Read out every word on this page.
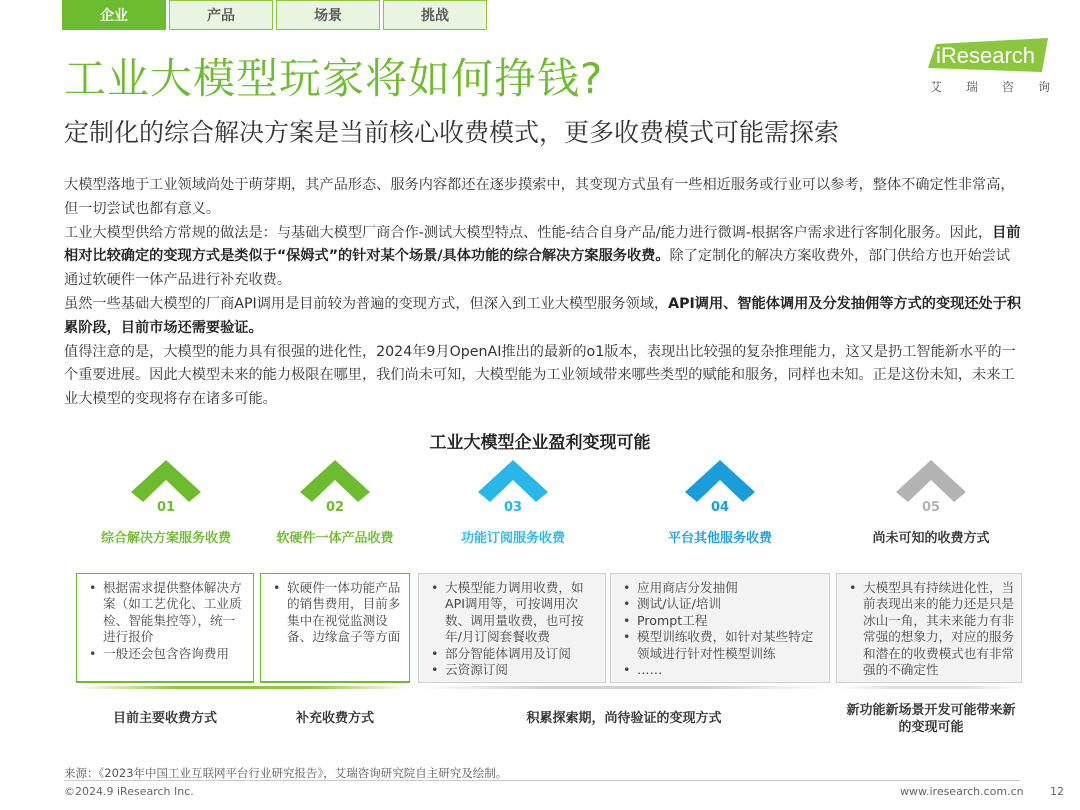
企业	产品	场景	挑战
工业大模型玩家将如何挣钱?
定制化的综合解决方案是当前核心收费模式，更多收费模式可能需探索
iResearch
艾 瑞 咨 询

大模型落地于工业领域尚处于萌芽期，其产品形态、服务内容都还在逐步摸索中，其变现方式虽有一些相近服务或行业可以参考，整体不确定性非常高，但一切尝试也都有意义。

工业大模型供给方常规的做法是：与基础大模型厂商合作-测试大模型特点、性能-结合自身产品/能力进行微调-根据客户需求进行客制化服务。因此，目前相对比较确定的变现方式是类似于“保姆式”的针对某个场景/具体功能的综合解决方案服务收费。除了定制化的解决方案收费外，部门供给方也开始尝试通过软硬件一体产品进行补充收费。

虽然一些基础大模型的厂商API调用是目前较为普遍的变现方式，但深入到工业大模型服务领域，API调用、智能体调用及分发抽佣等方式的变现还处于积累阶段，目前市场还需要验证。

值得注意的是，大模型的能力具有很强的进化性，2024年9月OpenAI推出的最新的o1版本，表现出比较强的复杂推理能力，这又是扔工智能新水平的一个重要进展。因此大模型未来的能力极限在哪里，我们尚未可知，大模型能为工业领域带来哪些类型的赋能和服务，同样也未知。正是这份未知，未来工业大模型的变现将存在诸多可能。

工业大模型企业盈利变现可能
01	02	03	04	05
综合解决方案服务收费	软硬件一体产品收费	功能订阅服务收费	平台其他服务收费	尚未可知的收费方式
• 根据需求提供整体解决方案（如工艺优化、工业质检、智能集控等），统一进行报价
• 一般还会包含咨询费用
• 软硬件一体功能产品的销售费用，目前多集中在视觉监测设备、边缘盒子等方面
• 大模型能力调用收费，如API调用等，可按调用次数、调用量收费，也可按年/月订阅套餐收费
• 部分智能体调用及订阅
• 云资源订阅
• 应用商店分发抽佣
• 测试/认证/培训
• Prompt工程
• 模型训练收费，如针对某些特定领域进行针对性模型训练
• ……
• 大模型具有持续进化性，当前表现出来的能力还是只是冰山一角，其未来能力有非常强的想象力，对应的服务和潜在的收费模式也有非常强的不确定性
目前主要收费方式	补充收费方式	积累探索期，尚待验证的变现方式
新功能新场景开发可能带来新的变现可能
来源：《2023年中国工业互联网平台行业研究报告》，艾瑞咨询研究院自主研究及绘制。
©2024.9 iResearch Inc.	www.iresearch.com.cn 12
